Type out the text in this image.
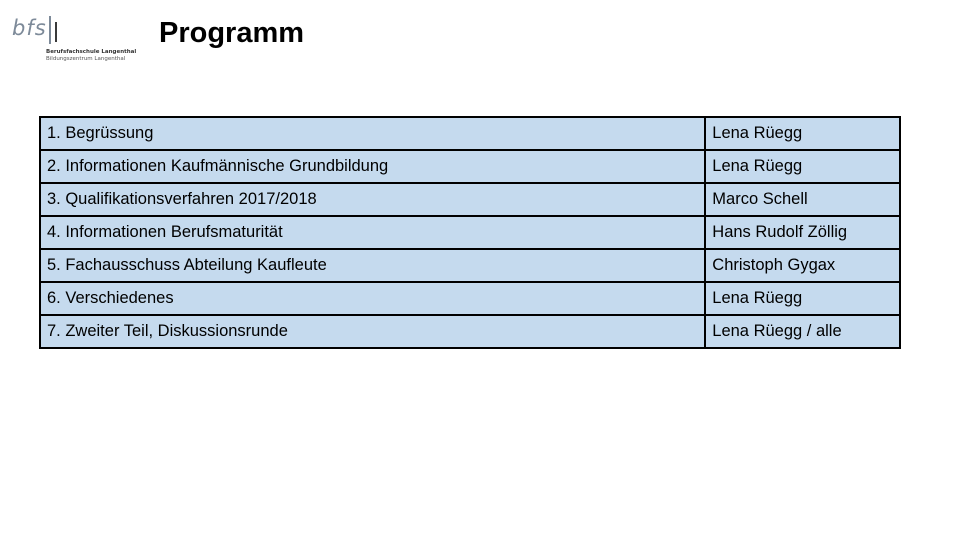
bfs
Berufsfachschule Langenthal
Bildungszentrum Langenthal
Programm
1. Begrüssung	Lena Rüegg
2. Informationen Kaufmännische Grundbildung	Lena Rüegg
3. Qualifikationsverfahren 2017/2018	Marco Schell
4. Informationen Berufsmaturität	Hans Rudolf Zöllig
5. Fachausschuss Abteilung Kaufleute	Christoph Gygax
6. Verschiedenes	Lena Rüegg
7. Zweiter Teil, Diskussionsrunde	Lena Rüegg / alle
